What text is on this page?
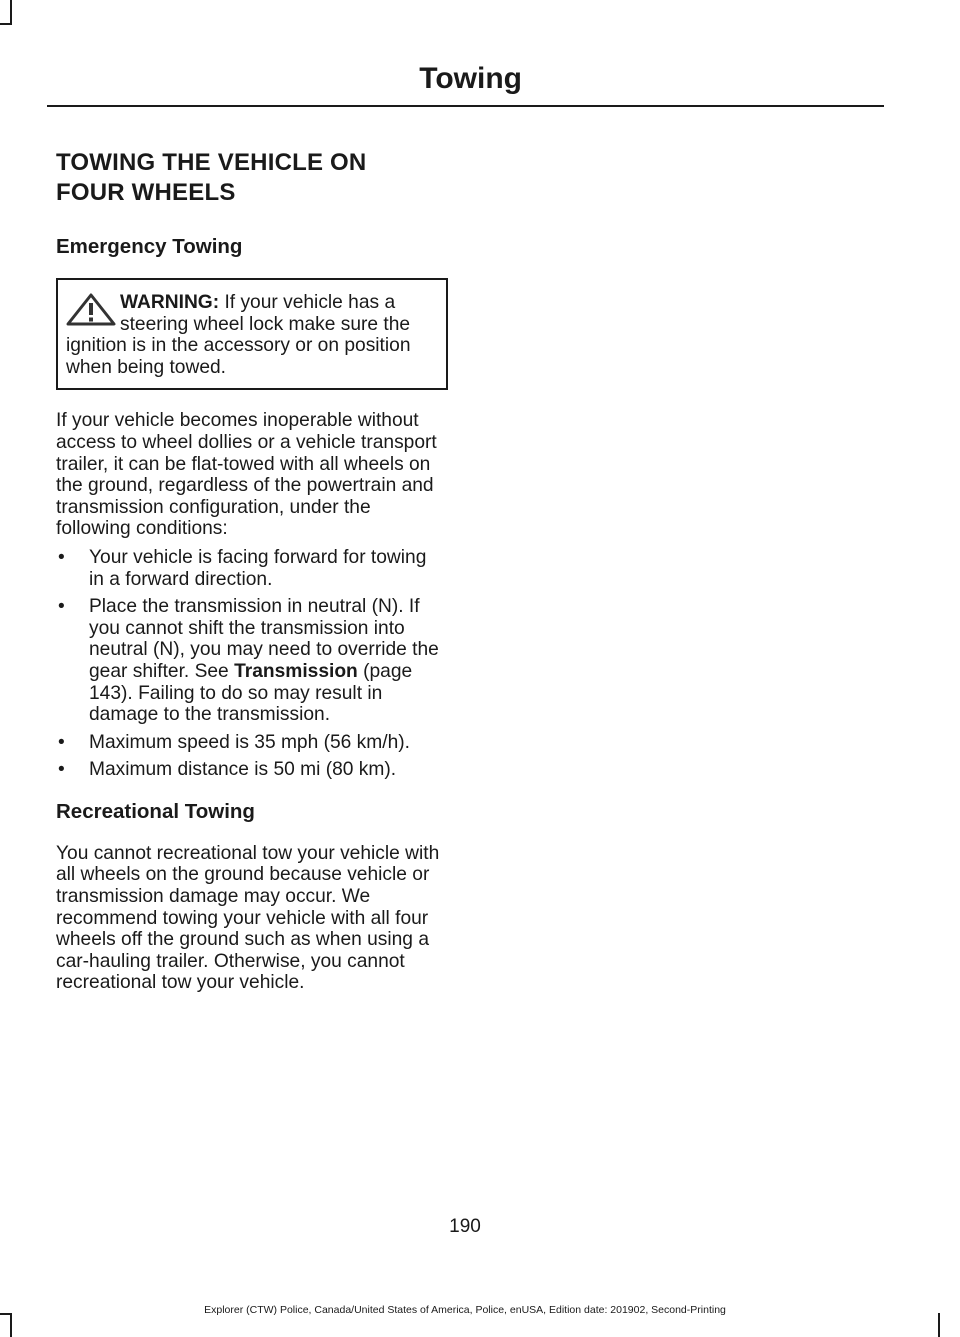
Towing
TOWING THE VEHICLE ON
FOUR WHEELS
Emergency Towing
WARNING: If your vehicle has a steering wheel lock make sure the ignition is in the accessory or on position when being towed.

If your vehicle becomes inoperable without access to wheel dollies or a vehicle transport trailer, it can be flat-towed with all wheels on the ground, regardless of the powertrain and transmission configuration, under the following conditions:

• Your vehicle is facing forward for towing in a forward direction.
• Place the transmission in neutral (N). If you cannot shift the transmission into neutral (N), you may need to override the gear shifter. See Transmission (page 143). Failing to do so may result in damage to the transmission.
• Maximum speed is 35 mph (56 km/h).
• Maximum distance is 50 mi (80 km).
Recreational Towing

You cannot recreational tow your vehicle with all wheels on the ground because vehicle or transmission damage may occur. We recommend towing your vehicle with all four wheels off the ground such as when using a car-hauling trailer. Otherwise, you cannot recreational tow your vehicle.

190

Explorer (CTW) Police, Canada/United States of America, Police, enUSA, Edition date: 201902, Second-Printing
